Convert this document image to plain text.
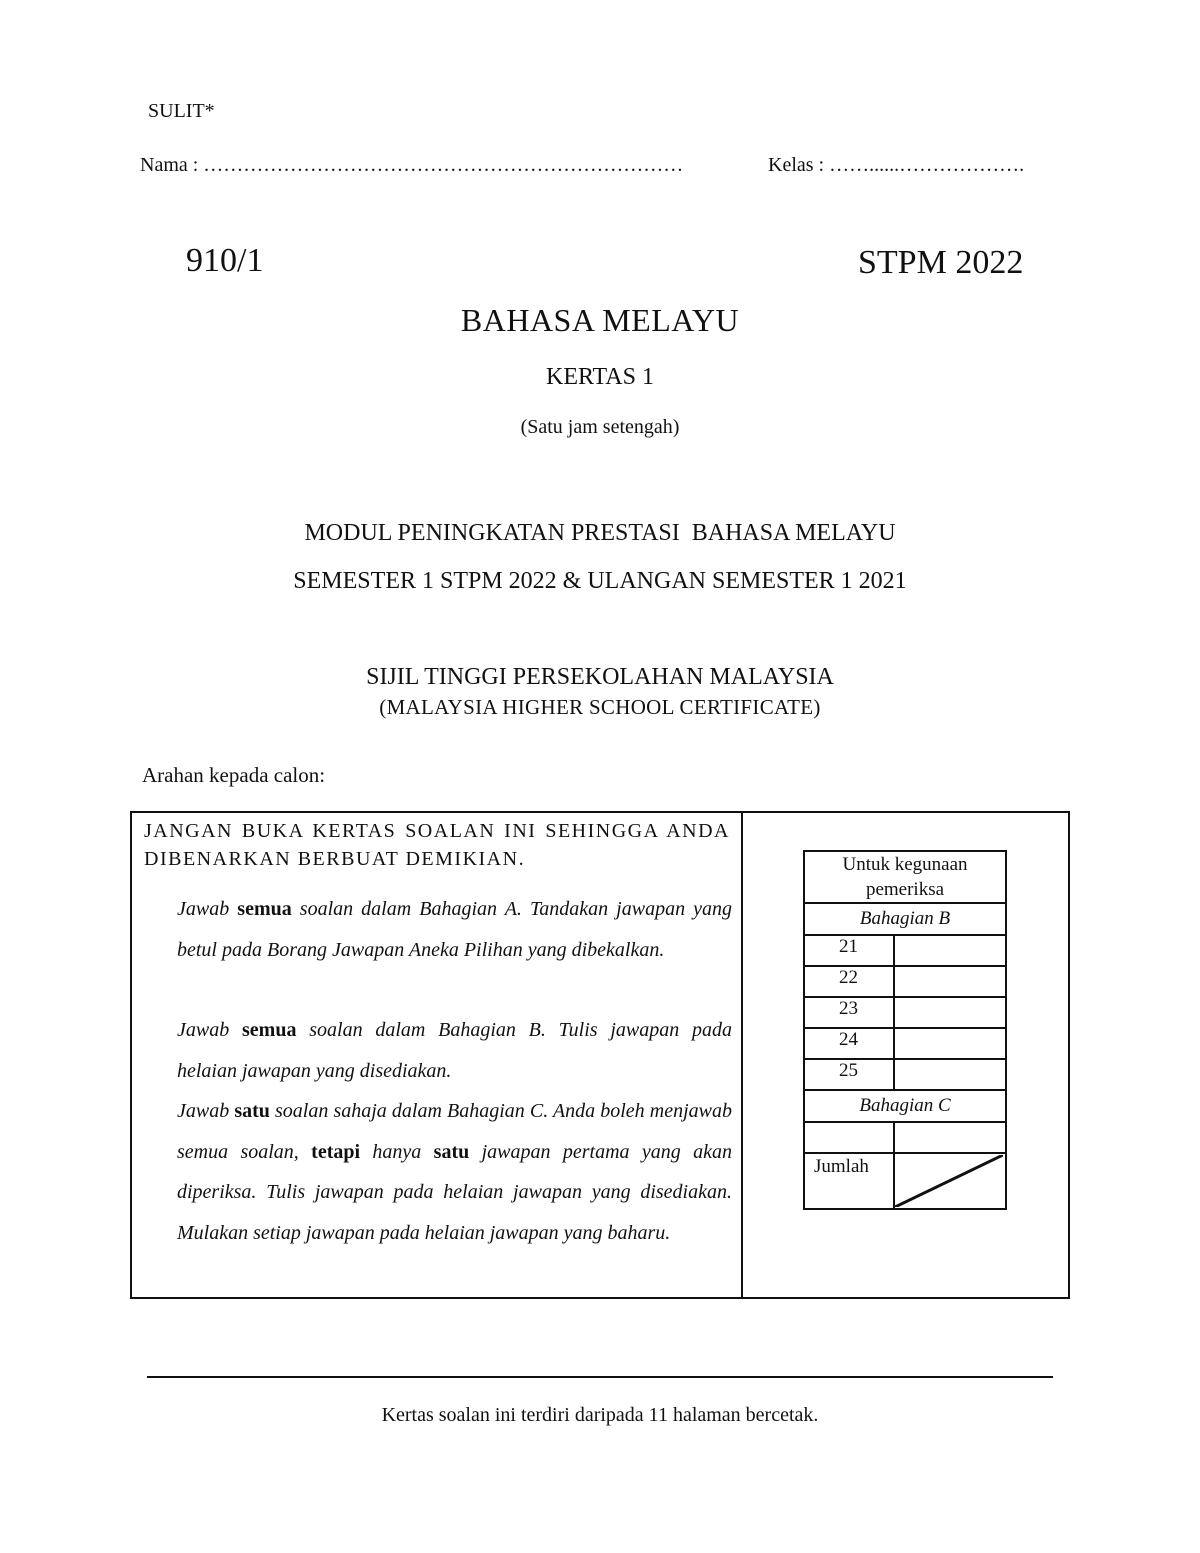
SULIT*
Nama : ………………………………………………………………	Kelas : ……......……………….
910/1	STPM 2022
BAHASA MELAYU
KERTAS 1
(Satu jam setengah)
MODUL PENINGKATAN PRESTASI  BAHASA MELAYU
SEMESTER 1 STPM 2022 & ULANGAN SEMESTER 1 2021
SIJIL TINGGI PERSEKOLAHAN MALAYSIA
(MALAYSIA HIGHER SCHOOL CERTIFICATE)
Arahan kepada calon:
JANGAN BUKA KERTAS SOALAN INI SEHINGGA ANDA DIBENARKAN BERBUAT DEMIKIAN.
Jawab semua soalan dalam Bahagian A. Tandakan jawapan yang betul pada Borang Jawapan Aneka Pilihan yang dibekalkan.
Jawab semua soalan dalam Bahagian B. Tulis jawapan pada helaian jawapan yang disediakan.
Jawab satu soalan sahaja dalam Bahagian C. Anda boleh menjawab semua soalan, tetapi hanya satu jawapan pertama yang akan diperiksa. Tulis jawapan pada helaian jawapan yang disediakan. Mulakan setiap jawapan pada helaian jawapan yang baharu.
Untuk kegunaan pemeriksa	
Bahagian B	
21	
22	
23	
24	
25	
Bahagian C	

Jumlah	
Kertas soalan ini terdiri daripada 11 halaman bercetak.
